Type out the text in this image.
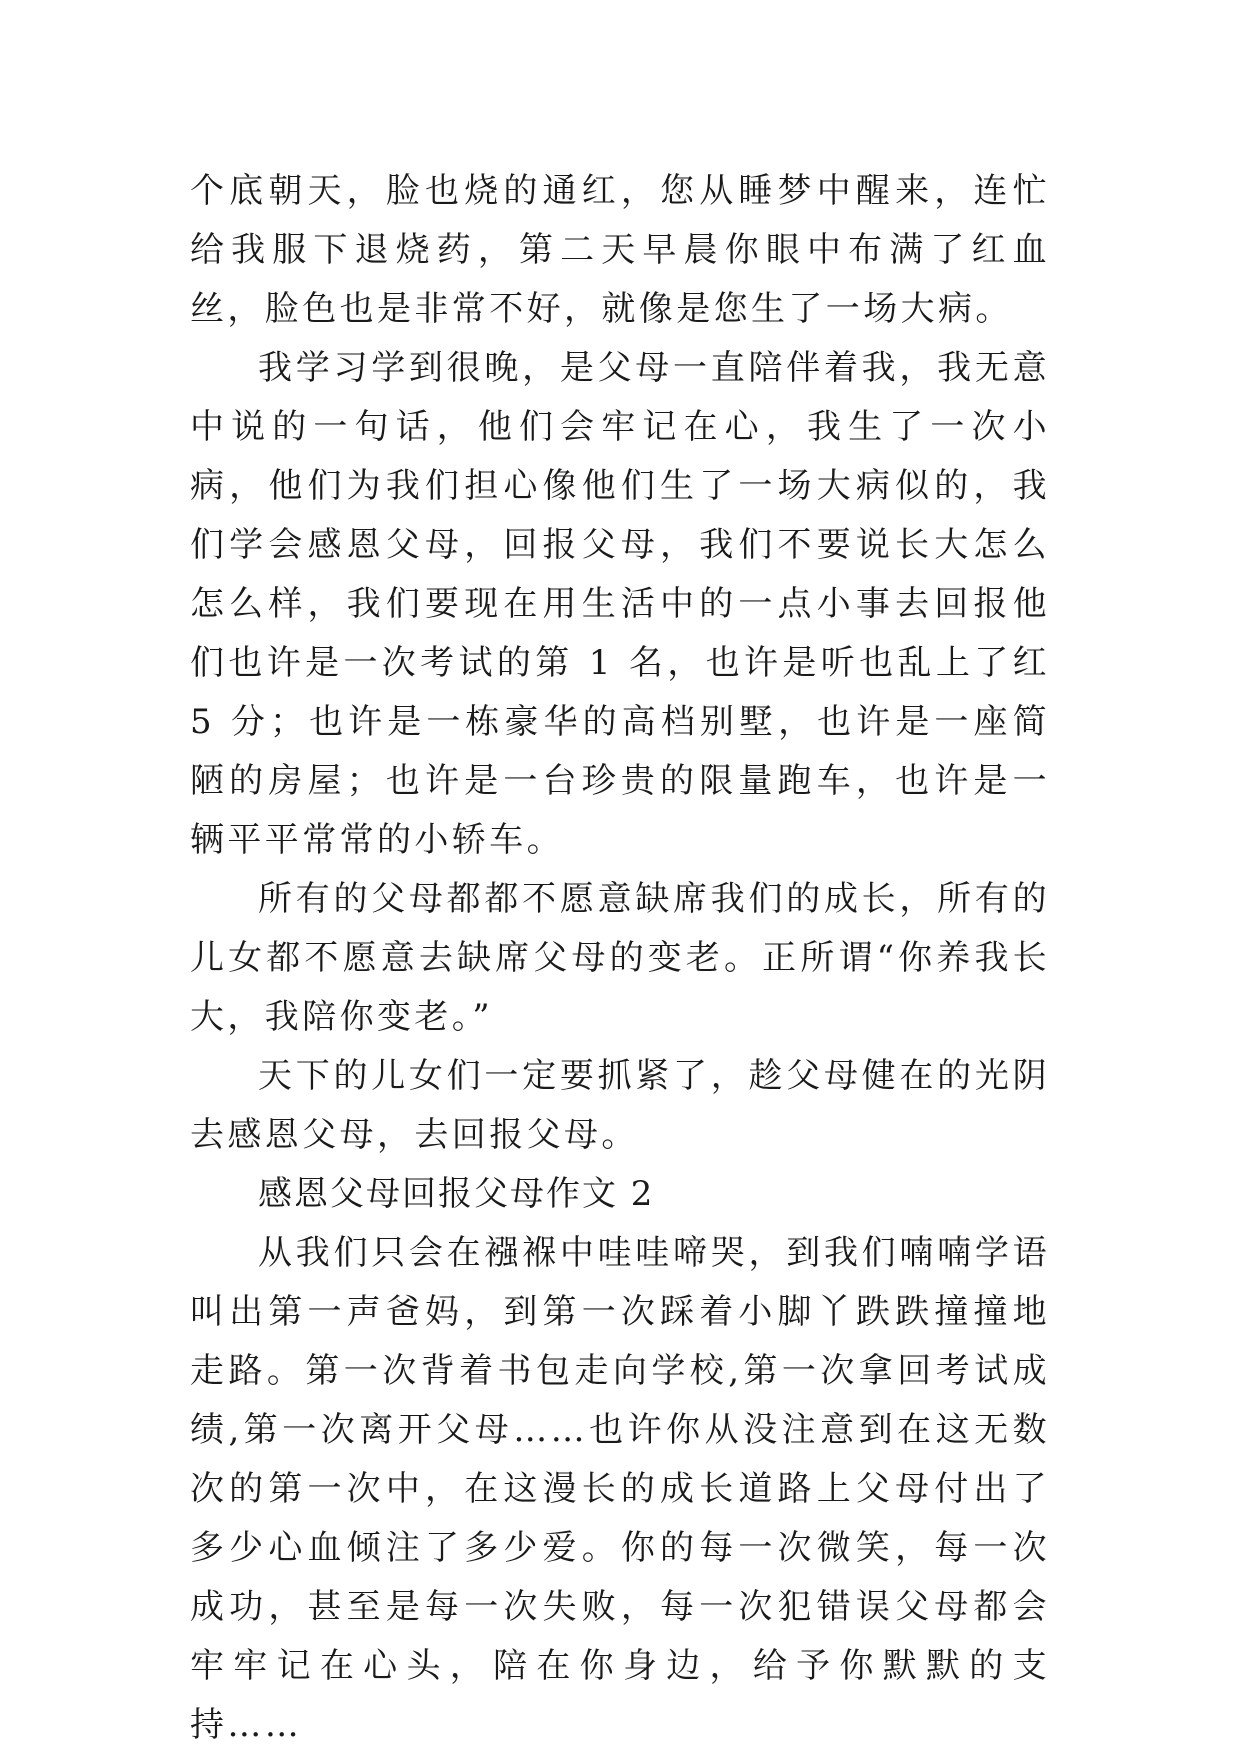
个底朝天，脸也烧的通红，您从睡梦中醒来，连忙给我服下退烧药，第二天早晨你眼中布满了红血丝，脸色也是非常不好，就像是您生了一场大病。

我学习学到很晚，是父母一直陪伴着我，我无意中说的一句话，他们会牢记在心，我生了一次小病，他们为我们担心像他们生了一场大病似的，我们学会感恩父母，回报父母，我们不要说长大怎么怎么样，我们要现在用生活中的一点小事去回报他们也许是一次考试的第 1 名，也许是听也乱上了红 5 分；也许是一栋豪华的高档别墅，也许是一座简陋的房屋；也许是一台珍贵的限量跑车，也许是一辆平平常常的小轿车。

所有的父母都都不愿意缺席我们的成长，所有的儿女都不愿意去缺席父母的变老。正所谓“你养我长大，我陪你变老。”

天下的儿女们一定要抓紧了，趁父母健在的光阴去感恩父母，去回报父母。

感恩父母回报父母作文 2

从我们只会在襁褓中哇哇啼哭，到我们喃喃学语叫出第一声爸妈，到第一次踩着小脚丫跌跌撞撞地走路。第一次背着书包走向学校,第一次拿回考试成绩,第一次离开父母……也许你从没注意到在这无数次的第一次中，在这漫长的成长道路上父母付出了多少心血倾注了多少爱。你的每一次微笑，每一次成功，甚至是每一次失败，每一次犯错误父母都会牢牢记在心头，陪在你身边，给予你默默的支持……
